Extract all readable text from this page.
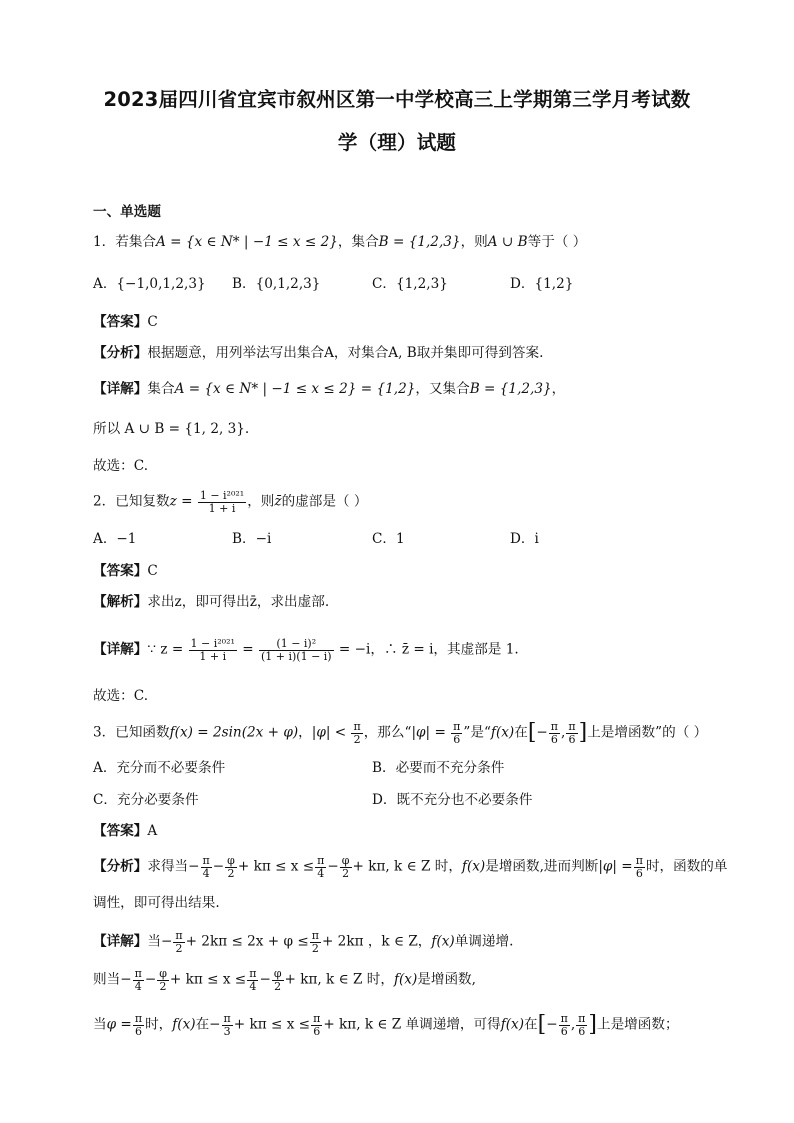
2023届四川省宜宾市叙州区第一中学校高三上学期第三学月考试数
学（理）试题
一、单选题
1．若集合A = {x ∈ N* | −1 ≤ x ≤ 2}，集合B = {1,2,3}，则A ∪ B等于（ ）
A．{−1,0,1,2,3} B．{0,1,2,3}	C．{1,2,3}	D．{1,2}
【答案】C
【分析】根据题意，用列举法写出集合A，对集合A, B取并集即可得到答案.
【详解】集合A = {x ∈ N* | −1 ≤ x ≤ 2} = {1,2}，又集合B = {1,2,3}，
所以 A ∪ B = {1, 2, 3}.
故选：C.
2．已知复数$z = \frac{\text{1 − i²⁰²¹}}{1 + i}$ ，则z̄的虚部是（ ）
A．−1	B．−i	C．1	D．i
【答案】C
【解析】求出z，即可得出z̄，求出虚部.
【详解】∵ $z = \frac{\text{1 − i²⁰²¹}}{1 + i} = \frac{\text{(1 − i)²}}{(1 + i)(1 - i)} = -i$，∴ z̄ = i，其虚部是 1.
故选：C.
3．已知函数f(x) = 2sin(2x + φ)，$|\varphi| < \frac{\pi}{2}$ ，那么“$|\varphi| = \frac{\pi}{6}$ ”是“f(x)在[− $\frac{\pi}{6}$ , $\frac{\pi}{6}$ ]上是增函数”的（ ）
A．充分而不必要条件	B．必要而不充分条件
C．充分必要条件	D．既不充分也不必要条件
【答案】A
【分析】求得当− $\frac{\pi}{4} - \frac{\varphi}{2} + k\pi \le x \le \frac{\pi}{4} - \frac{\varphi}{2} + k\pi$, k ∈ Z 时，f(x)是增函数,进而判断$|\varphi| = \frac{\pi}{6}$ 时，函数的单
调性，即可得出结果.
【详解】当− $\frac{\pi}{2} + 2k\pi \le 2x + \varphi \le \frac{\pi}{2} + 2k\pi$ ，k ∈ Z，f(x)单调递增.
则当− $\frac{\pi}{4} - \frac{\varphi}{2} + k\pi \le x \le \frac{\pi}{4} - \frac{\varphi}{2} + k\pi$, k ∈ Z 时，f(x)是增函数,
当$\varphi = \frac{\pi}{6}$ 时，f(x)在− $\frac{\pi}{3} + k\pi \le x \le \frac{\pi}{6} + k\pi$, k ∈ Z 单调递增，可得f(x)在[− $\frac{\pi}{6}$ , $\frac{\pi}{6}$ ]上是增函数；
